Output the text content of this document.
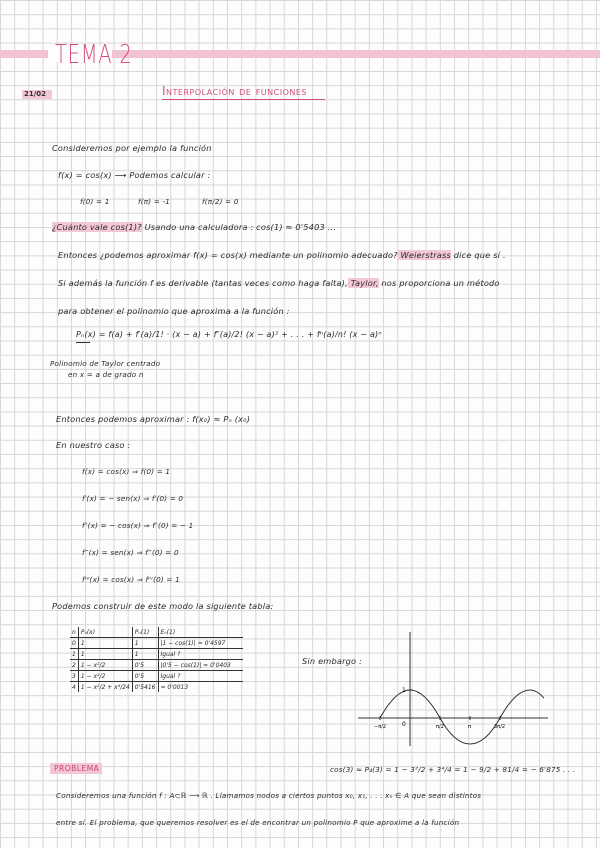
TEMA 2
Interpolación de funciones
21/02
Consideremos por ejemplo la función
f(x) = cos(x) ⟶ Podemos calcular :
f(0) = 1	f(π) = -1	f(π/2) = 0
¿Cuánto vale cos(1)? Usando una calculadora : cos(1) ≈ 0'5403 ...
Entonces ¿podemos aproximar f(x) = cos(x) mediante un polinomio adecuado? Weierstrass dice que sí .
Si además la función f es derivable (tantas veces como haga falta), Taylor, nos proporciona un método
para obtener el polinomio que aproxima a la función :
Pₙ(x) = f(a) + f′(a)/1! · (x − a) + f″(a)/2! (x − a)² + . . . + fⁿ(a)/n! (x − a)ⁿ
Polinomio de Taylor centrado
en x = a de grado n
Entonces podemos aproximar : f(x₀) ≈ Pₙ (x₀)
En nuestro caso :
f(x) = cos(x) ⇒ f(0) = 1
f′(x) = − sen(x) ⇒ f′(0) = 0
f″(x) = − cos(x) ⇒ f″(0) = − 1
f‴(x) = sen(x) ⇒ f‴(0) = 0
fᴵⱽ(x) = cos(x) ⇒ fᴵⱽ(0) = 1
Podemos construir de este modo la siguiente tabla:
n	Pₙ(x)	Pₙ(1)	Eₙ(1)
0	1	1	|1 − cos(1)| ≈ 0'4597
1	1	1	Igual ?
2	1 − x²/2	0'5	|0'5 − cos(1)| ≈ 0'0403
3	1 − x²/2	0'5	Igual ?
4	1 − x²/2 + x⁴/24	0'5416	≈ 0'0013
Sin embargo :
1
0
−π/2	π/2	π	3π/2
PROBLEMA	cos(3) ≈ P₄(3) = 1 − 3²/2 + 3⁴/4 = 1 − 9/2 + 81/4 = − 6'875 . . .
Consideremos una función f : A⊂ℝ ⟶ ℝ . Llamamos nodos a ciertos puntos x₀, x₁, . . . xₙ ∈ A que sean distintos
entre sí. El problema, que queremos resolver es el de encontrar un polinomio P que aproxime a la función
